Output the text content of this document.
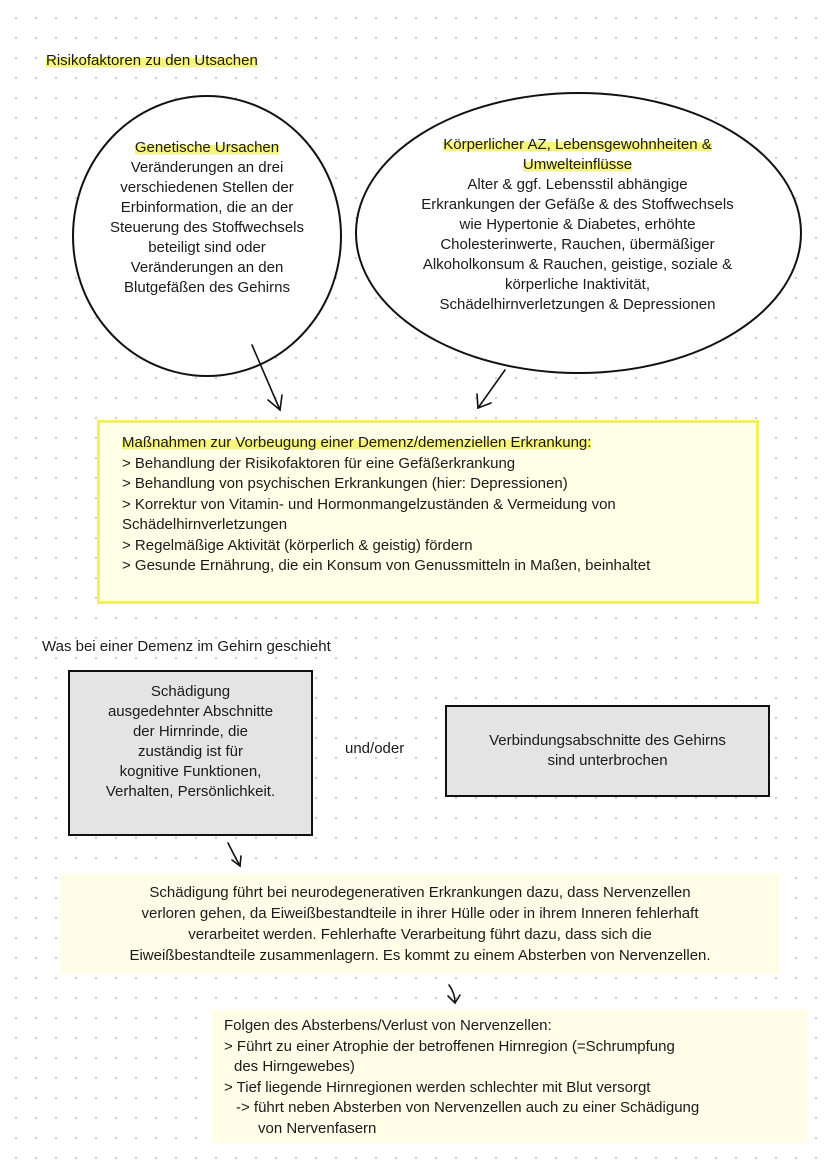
Risikofaktoren zu den Utsachen
Genetische Ursachen
Veränderungen an drei
verschiedenen Stellen der
Erbinformation, die an der
Steuerung des Stoffwechsels
beteiligt sind oder
Veränderungen an den
Blutgefäßen des Gehirns
Körperlicher AZ, Lebensgewohnheiten &
Umwelteinflüsse
Alter & ggf. Lebensstil abhängige
Erkrankungen der Gefäße & des Stoffwechsels
wie Hypertonie & Diabetes, erhöhte
Cholesterinwerte, Rauchen, übermäßiger
Alkoholkonsum & Rauchen, geistige, soziale &
körperliche Inaktivität,
Schädelhirnverletzungen & Depressionen
Maßnahmen zur Vorbeugung einer Demenz/demenziellen Erkrankung:
> Behandlung der Risikofaktoren für eine Gefäßerkrankung
> Behandlung von psychischen Erkrankungen (hier: Depressionen)
> Korrektur von Vitamin- und Hormonmangelzuständen & Vermeidung von
Schädelhirnverletzungen
> Regelmäßige Aktivität (körperlich & geistig) fördern
> Gesunde Ernährung, die ein Konsum von Genussmitteln in Maßen, beinhaltet
Was bei einer Demenz im Gehirn geschieht
Schädigung
ausgedehnter Abschnitte
der Hirnrinde, die
zuständig ist für
kognitive Funktionen,
Verhalten, Persönlichkeit.
und/oder	Verbindungsabschnitte des Gehirns
sind unterbrochen
Schädigung führt bei neurodegenerativen Erkrankungen dazu, dass Nervenzellen
verloren gehen, da Eiweißbestandteile in ihrer Hülle oder in ihrem Inneren fehlerhaft
verarbeitet werden. Fehlerhafte Verarbeitung führt dazu, dass sich die
Eiweißbestandteile zusammenlagern. Es kommt zu einem Absterben von Nervenzellen.
Folgen des Absterbens/Verlust von Nervenzellen:
> Führt zu einer Atrophie der betroffenen Hirnregion (=Schrumpfung
des Hirngewebes)
> Tief liegende Hirnregionen werden schlechter mit Blut versorgt
-> führt neben Absterben von Nervenzellen auch zu einer Schädigung
von Nervenfasern
